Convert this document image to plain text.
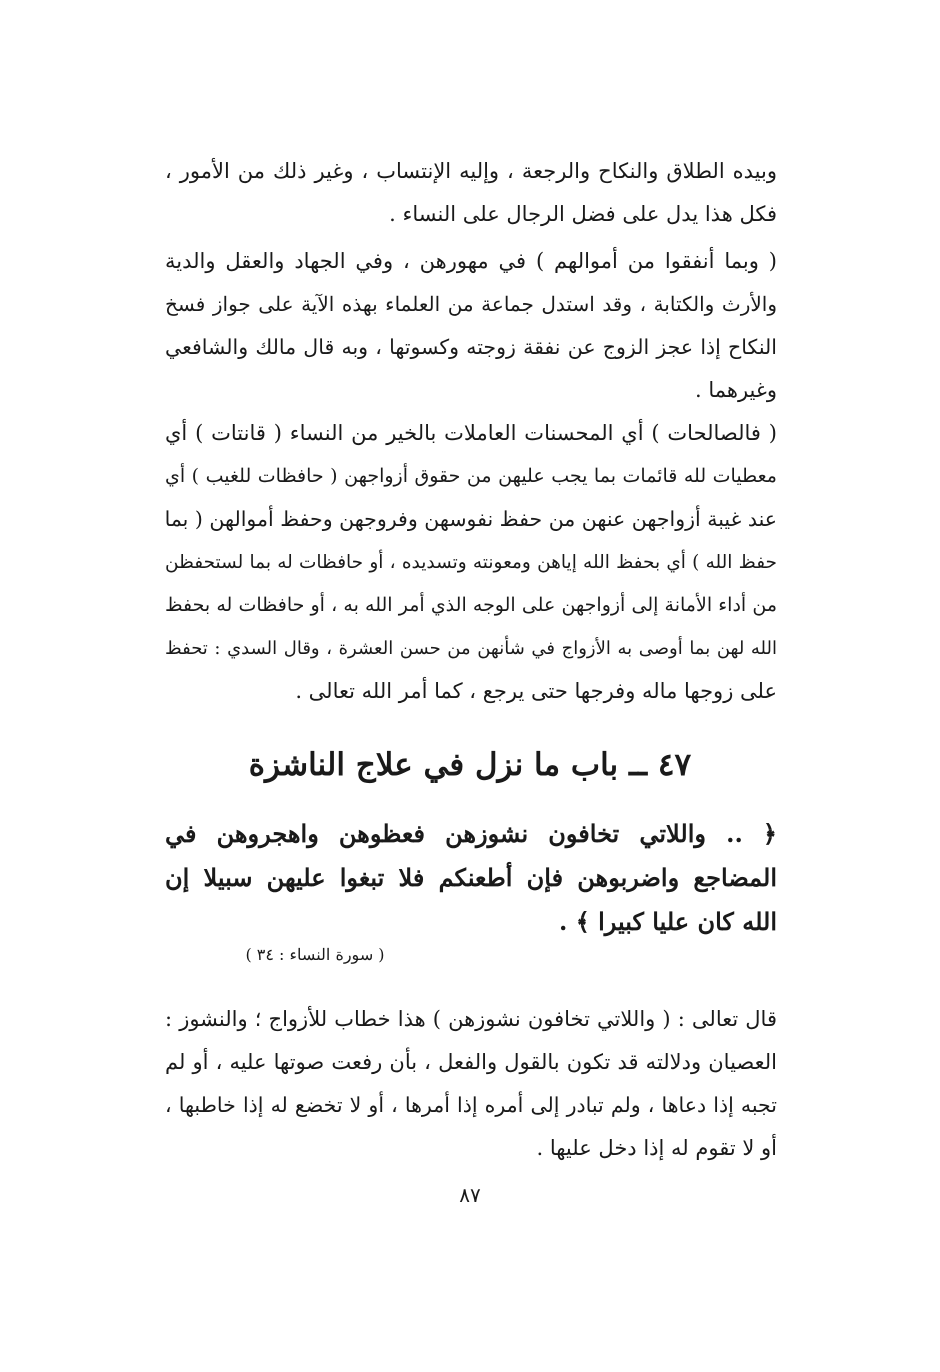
وبيده الطلاق والنكاح والرجعة ، وإليه الإنتساب ، وغير ذلك من الأمور ،
فكل هذا يدل على فضل الرجال على النساء .
( وبما أنفقوا من أموالهم ) في مهورهن ، وفي الجهاد والعقل والدية
والأرث والكتابة ، وقد استدل جماعة من العلماء بهذه الآية على جواز فسخ
النكاح إذا عجز الزوج عن نفقة زوجته وكسوتها ، وبه قال مالك والشافعي
وغيرهما .
( فالصالحات ) أي المحسنات العاملات بالخير من النساء ( قانتات ) أي
معطيات لله قائمات بما يجب عليهن من حقوق أزواجهن ( حافظات للغيب ) أي
عند غيبة أزواجهن عنهن من حفظ نفوسهن وفروجهن وحفظ أموالهن ( بما
حفظ الله ) أي بحفظ الله إياهن ومعونته وتسديده ، أو حافظات له بما لستحفظن
من أداء الأمانة إلى أزواجهن على الوجه الذي أمر الله به ، أو حافظات له بحفظ
الله لهن بما أوصى به الأزواج في شأنهن من حسن العشرة ، وقال السدي : تحفظ
على زوجها ماله وفرجها حتى يرجع ، كما أمر الله تعالى .
٤٧ ــ باب ما نزل في علاج الناشزة
﴿ .. واللاتي تخافون نشوزهن فعظوهن واهجروهن في
المضاجع واضربوهن فإن أطعنكم فلا تبغوا عليهن سبيلا إن
الله كان عليا كبيرا ﴾ .
( سورة النساء : ٣٤ )
قال تعالى : ( واللاتي تخافون نشوزهن ) هذا خطاب للأزواج ؛ والنشوز :
العصيان ودلالته قد تكون بالقول والفعل ، بأن رفعت صوتها عليه ، أو لم
تجبه إذا دعاها ، ولم تبادر إلى أمره إذا أمرها ، أو لا تخضع له إذا خاطبها ،
أو لا تقوم له إذا دخل عليها .
٨٧
